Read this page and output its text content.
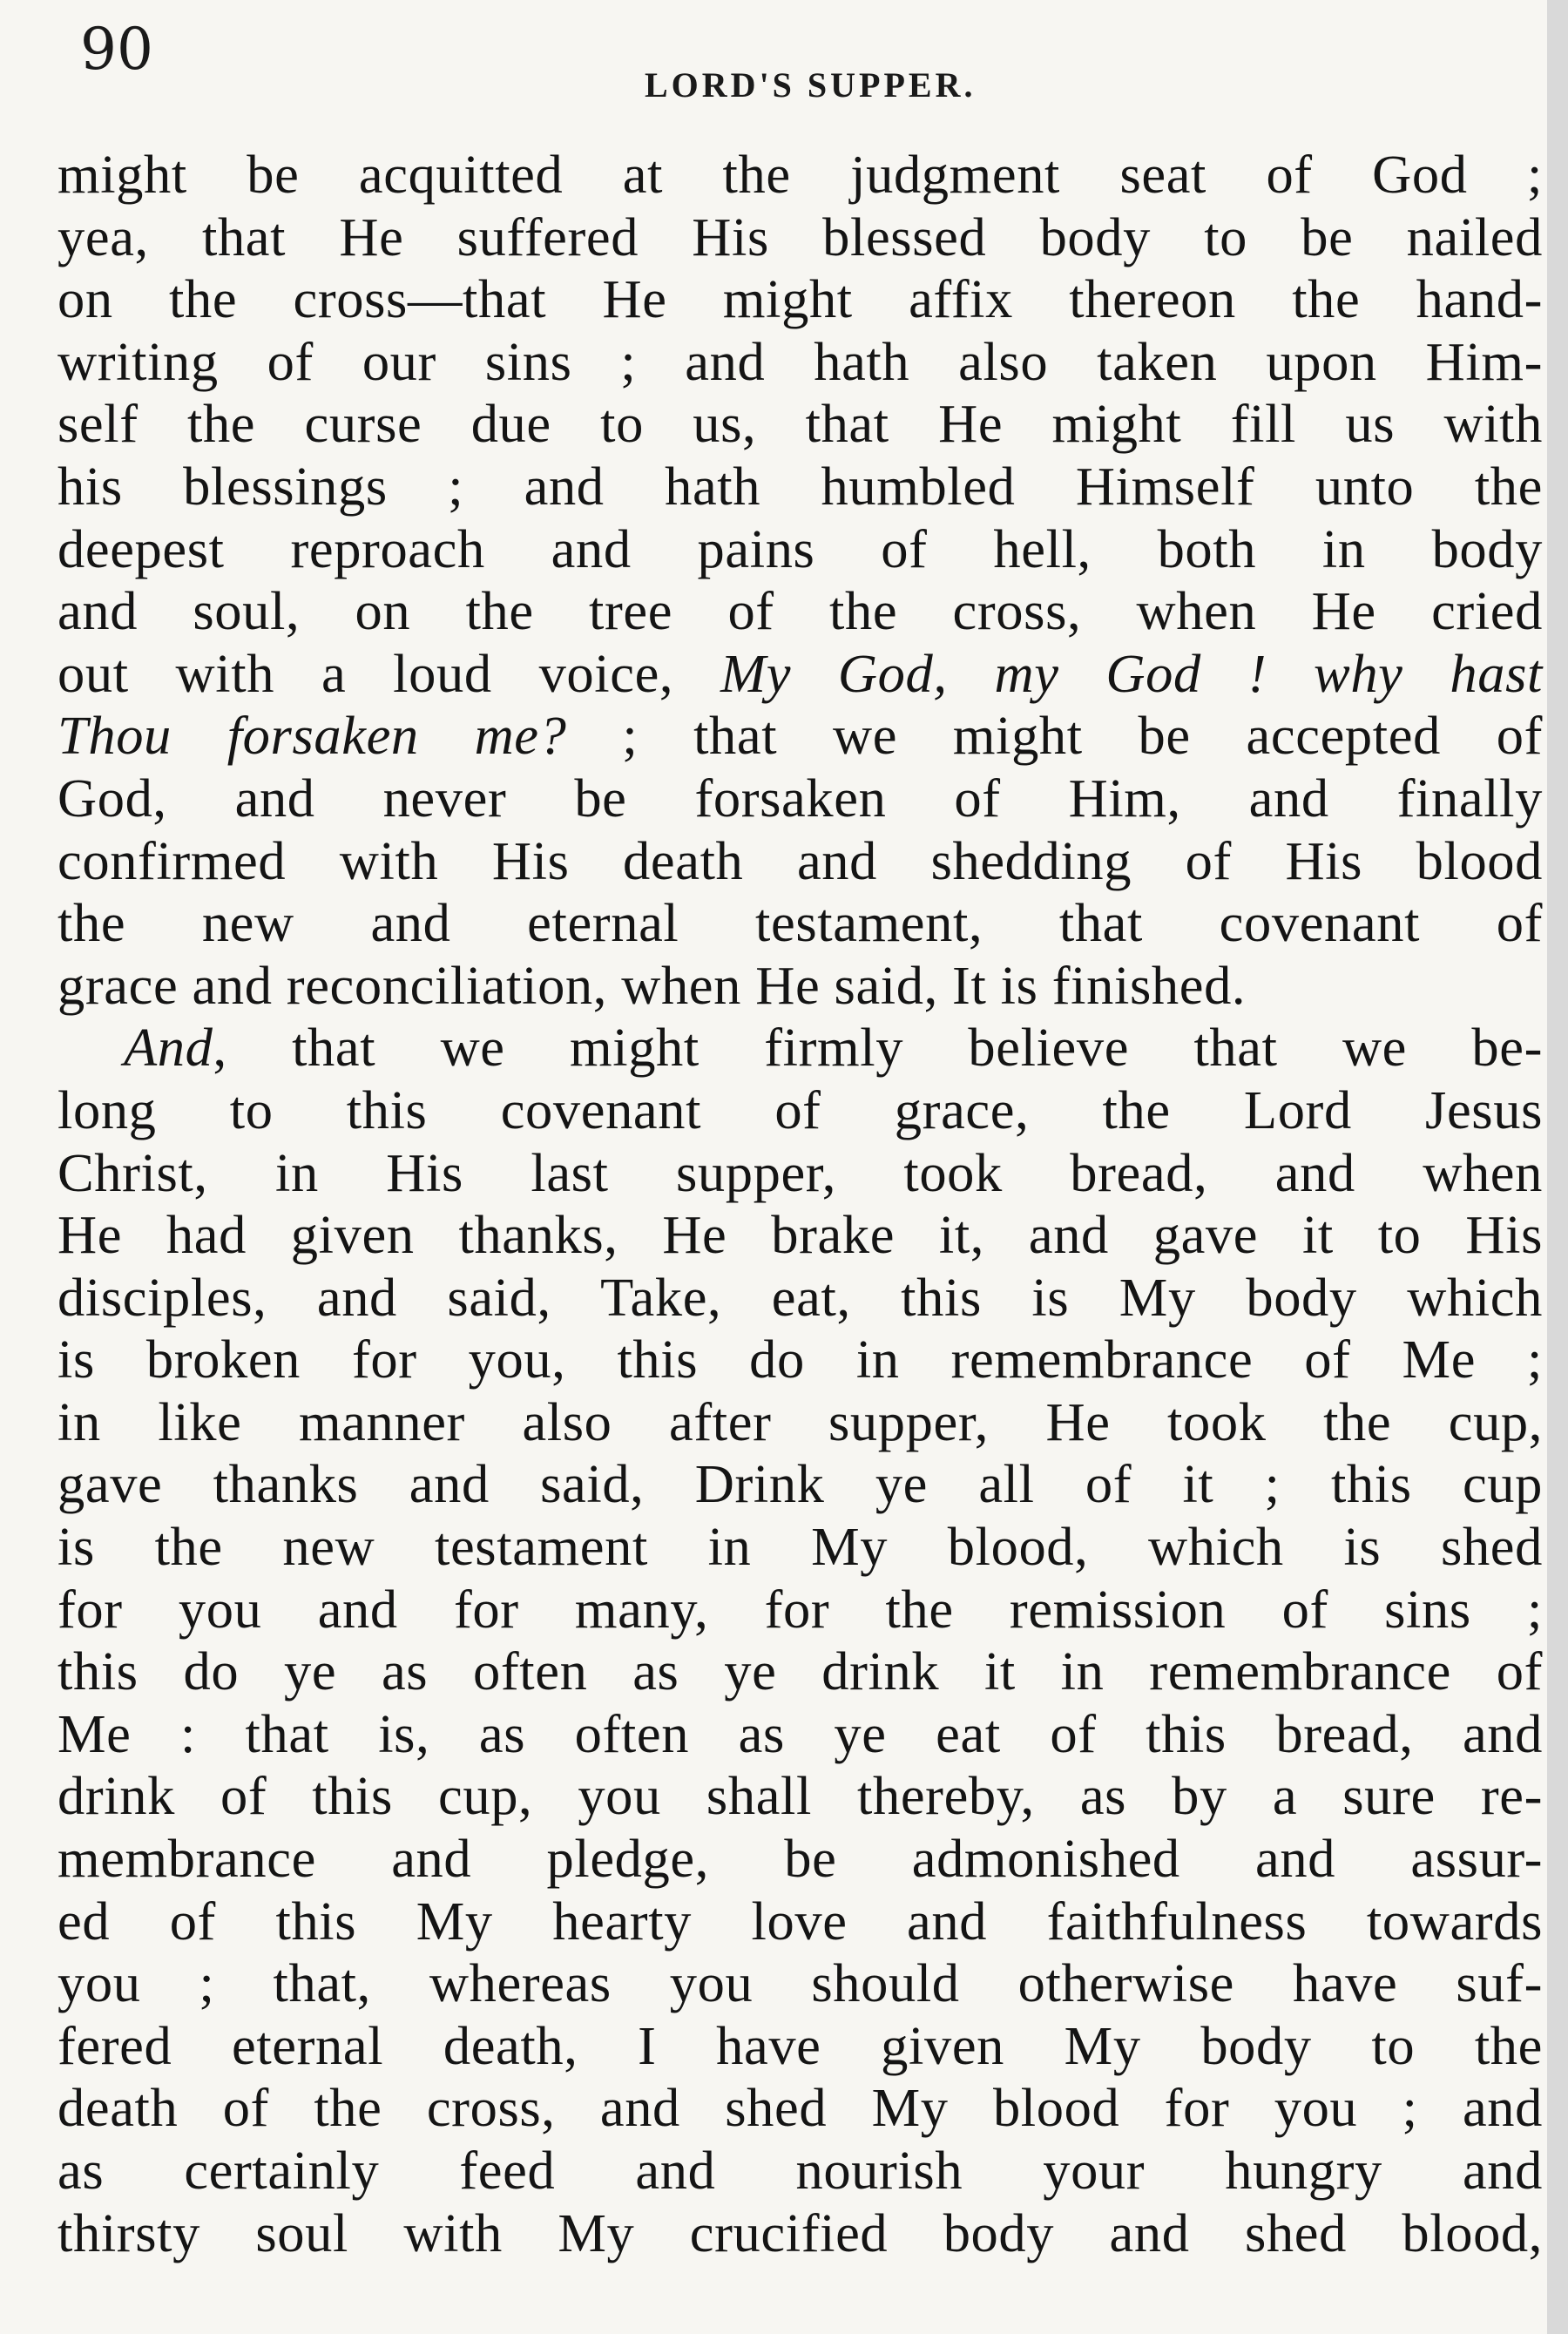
90
LORD'S SUPPER.
might be acquitted at the judgment seat of God ;
yea, that He suffered His blessed body to be nailed
on the cross—that He might affix thereon the hand-
writing of our sins ; and hath also taken upon Him-
self the curse due to us, that He might fill us with
his blessings ; and hath humbled Himself unto the
deepest reproach and pains of hell, both in body
and soul, on the tree of the cross, when He cried
out with a loud voice, My God, my God ! why hast
Thou forsaken me? ; that we might be accepted of
God, and never be forsaken of Him, and finally
confirmed with His death and shedding of His blood
the new and eternal testament, that covenant of
grace and reconciliation, when He said, It is finished.
And, that we might firmly believe that we be-
long to this covenant of grace, the Lord Jesus
Christ, in His last supper, took bread, and when
He had given thanks, He brake it, and gave it to His
disciples, and said, Take, eat, this is My body which
is broken for you, this do in remembrance of Me ;
in like manner also after supper, He took the cup,
gave thanks and said, Drink ye all of it ; this cup
is the new testament in My blood, which is shed
for you and for many, for the remission of sins ;
this do ye as often as ye drink it in remembrance of
Me : that is, as often as ye eat of this bread, and
drink of this cup, you shall thereby, as by a sure re-
membrance and pledge, be admonished and assur-
ed of this My hearty love and faithfulness towards
you ; that, whereas you should otherwise have suf-
fered eternal death, I have given My body to the
death of the cross, and shed My blood for you ; and
as certainly feed and nourish your hungry and
thirsty soul with My crucified body and shed blood,
